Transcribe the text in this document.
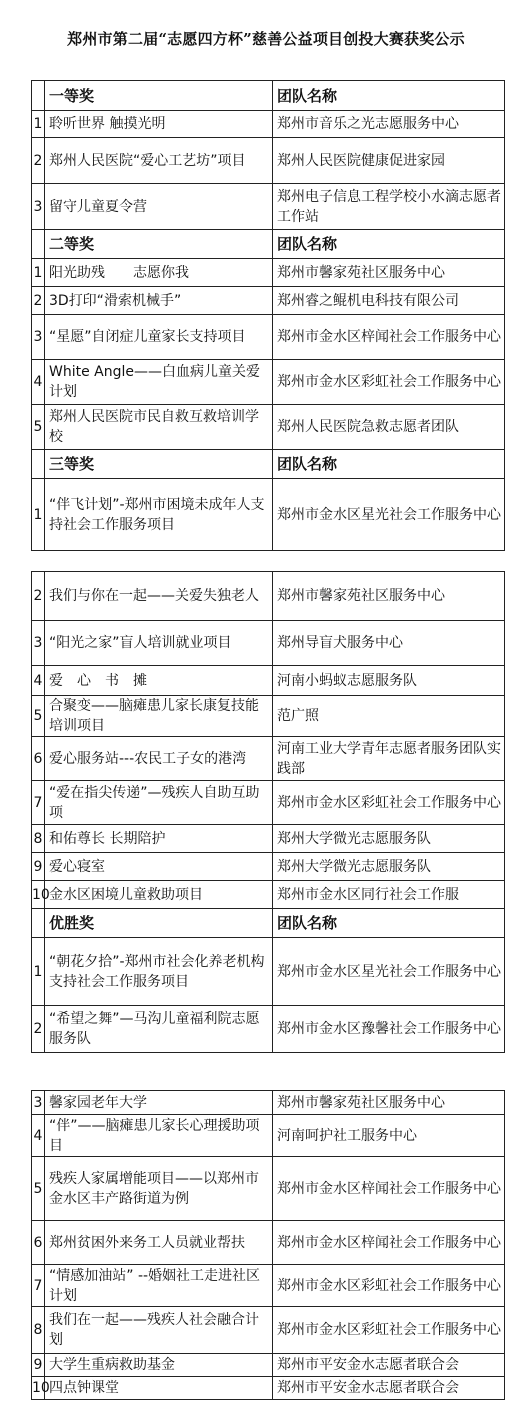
郑州市第二届“志愿四方杯”慈善公益项目创投大赛获奖公示
	一等奖	团队名称
1	聆听世界 触摸光明	郑州市音乐之光志愿服务中心
2	郑州人民医院“爱心工艺坊”项目	郑州人民医院健康促进家园
3	留守儿童夏令营	郑州电子信息工程学校小水滴志愿者工作站
	二等奖	团队名称
1	阳光助残　　志愿你我	郑州市馨家苑社区服务中心
2	3D打印“滑索机械手”	郑州睿之鲲机电科技有限公司
3	“星愿”自闭症儿童家长支持项目	郑州市金水区梓闻社会工作服务中心
4	White Angle——白血病儿童关爱计划	郑州市金水区彩虹社会工作服务中心
5	郑州人民医院市民自救互救培训学校	郑州人民医院急救志愿者团队
	三等奖	团队名称
1	“伴飞计划”-郑州市困境未成年人支持社会工作服务项目	郑州市金水区星光社会工作服务中心
2	我们与你在一起——关爱失独老人	郑州市馨家苑社区服务中心
3	“阳光之家”盲人培训就业项目	郑州导盲犬服务中心
4	爱　心　书　摊	河南小蚂蚁志愿服务队
5	合聚变——脑瘫患儿家长康复技能培训项目	范广照
6	爱心服务站---农民工子女的港湾	河南工业大学青年志愿者服务团队实践部
7	“爱在指尖传递”—残疾人自助互助项	郑州市金水区彩虹社会工作服务中心
8	和佑尊长 长期陪护	郑州大学微光志愿服务队
9	爱心寝室	郑州大学微光志愿服务队
10	金水区困境儿童救助项目	郑州市金水区同行社会工作服
	优胜奖	团队名称
1	“朝花夕拾”-郑州市社会化养老机构支持社会工作服务项目	郑州市金水区星光社会工作服务中心
2	“希望之舞”—马沟儿童福利院志愿服务队	郑州市金水区豫馨社会工作服务中心
3	馨家园老年大学	郑州市馨家苑社区服务中心
4	“伴”——脑瘫患儿家长心理援助项目	河南呵护社工服务中心
5	残疾人家属增能项目——以郑州市金水区丰产路街道为例	郑州市金水区梓闻社会工作服务中心
6	郑州贫困外来务工人员就业帮扶	郑州市金水区梓闻社会工作服务中心
7	“情感加油站” --婚姻社工走进社区计划	郑州市金水区彩虹社会工作服务中心
8	我们在一起——残疾人社会融合计划	郑州市金水区彩虹社会工作服务中心
9	大学生重病救助基金	郑州市平安金水志愿者联合会
10	四点钟课堂	郑州市平安金水志愿者联合会
